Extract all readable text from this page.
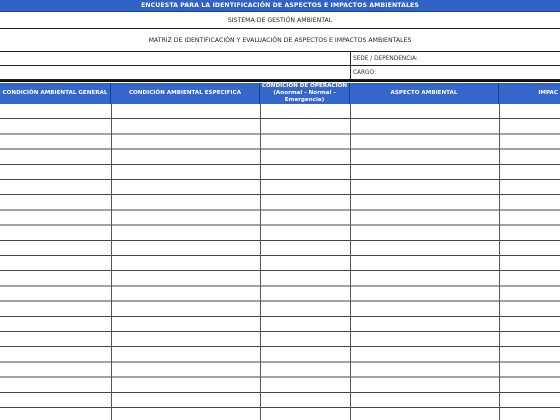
ENCUESTA PARA LA IDENTIFICACIÓN DE ASPECTOS E IMPACTOS AMBIENTALES
SISTEMA DE GESTIÓN AMBIENTAL
MATRIZ DE IDENTIFICACIÓN Y EVALUACIÓN DE ASPECTOS E IMPACTOS AMBIENTALES
SEDE / DEPENDENCIA:
CARGO:
CONDICIÓN AMBIENTAL GENERAL	CONDICIÓN AMBIENTAL ESPECIFICA
CONDICION DE OPERACION
(Anormal - Normal -
Emergencia)
ASPECTO AMBIENTAL	IMPAC
